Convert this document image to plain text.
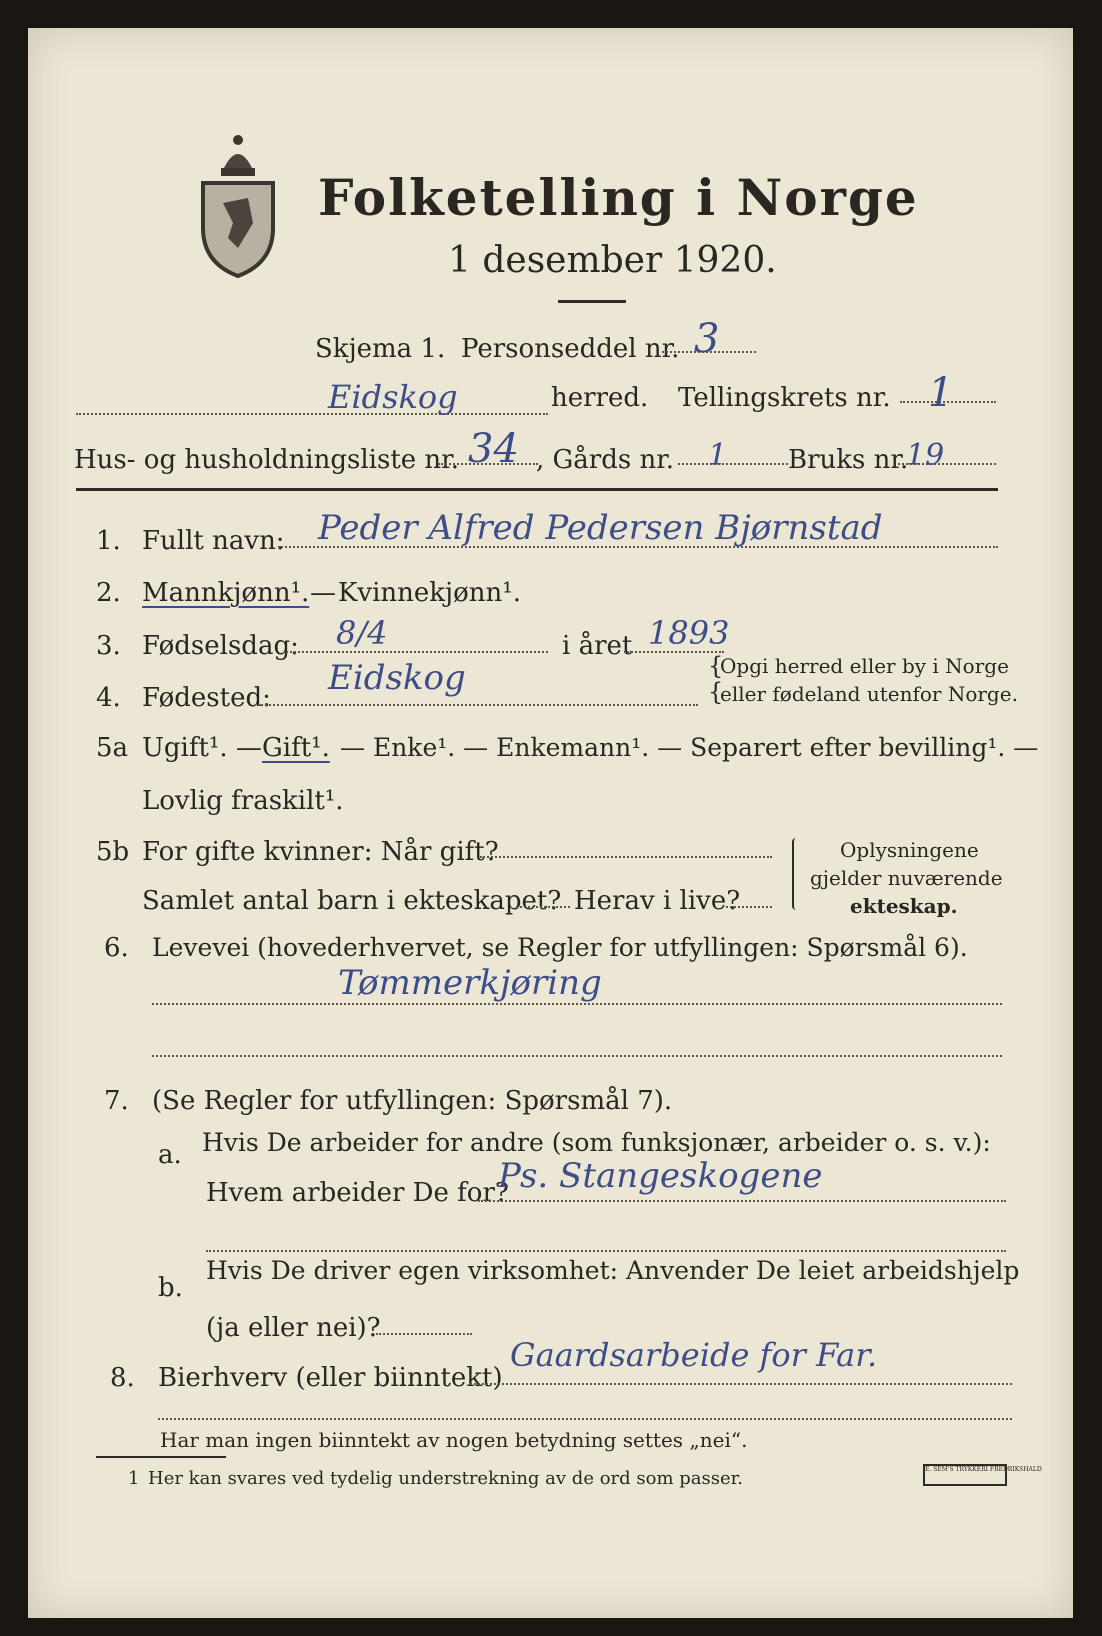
Folketelling i Norge
1 desember 1920.
Skjema 1. Personseddel nr. 3
Eidskog	herred. Tellingskrets nr. 1
Hus- og husholdningsliste nr. 34 , Gårds nr. 1 Bruks nr.
19
1. Fullt navn: Peder Alfred Pedersen Bjørnstad
2. Mannkjønn¹. — Kvinnekjønn¹.
3. Fødselsdag: 8/4	i året 1893
4. Fødested: Eidskog	{
{
Opgi herred eller by i Norge
eller fødeland utenfor Norge.
5a Ugift¹. — Gift¹. — Enke¹. — Enkemann¹. — Separert efter bevilling¹. —
Lovlig fraskilt¹.
5b For gifte kvinner: Når gift?
Samlet antal barn i ekteskapet? Herav i live?
Oplysningene
gjelder nuværende
ekteskap.
6. Levevei (hovederhvervet, se Regler for utfyllingen: Spørsmål 6).
Tømmerkjøring
7. (Se Regler for utfyllingen: Spørsmål 7).
a. Hvis De arbeider for andre (som funksjonær, arbeider o. s. v.):
Hvem arbeider De for?
Ps. Stangeskogene
b.
Hvis De driver egen virksomhet: Anvender De leiet arbeidshjelp
(ja eller nei)?
8. Bierhverv (eller biinntekt)
Gaardsarbeide for Far.
Har man ingen biinntekt av nogen betydning settes „nei“.
1 Her kan svares ved tydelig understrekning av de ord som passer.	E. SEM'S TRYKKERI FREDRIKSHALD
